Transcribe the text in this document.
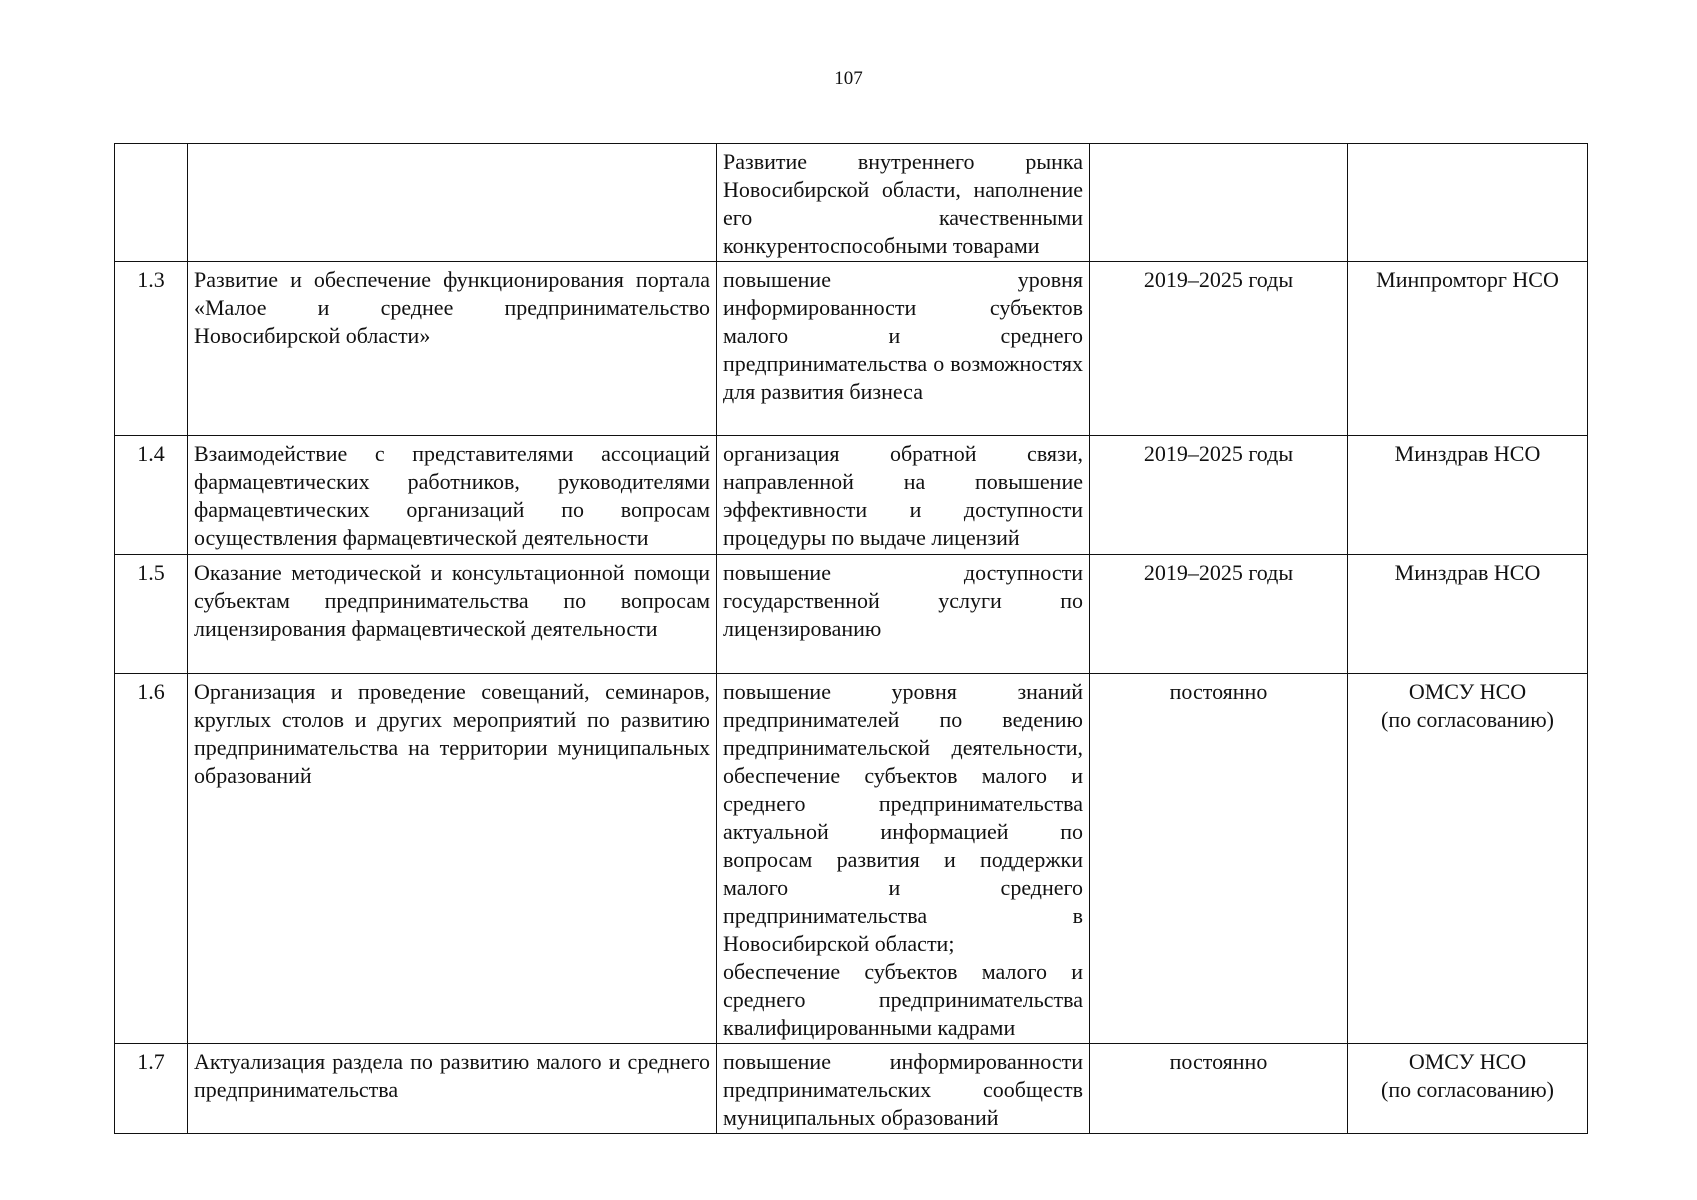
107
		Развитие внутреннего рынка Новосибирской области, наполнение его качественными конкурентоспособными товарами		
1.3	Развитие и обеспечение функционирования портала «Малое и среднее предпринимательство Новосибирской области»	повышение уровня информированности субъектов малого и среднего предпринимательства о возможностях для развития бизнеса	2019–2025 годы	Минпромторг НСО
1.4	Взаимодействие с представителями ассоциаций фармацевтических работников, руководителями фармацевтических организаций по вопросам осуществления фармацевтической деятельности	организация обратной связи, направленной на повышение эффективности и доступности процедуры по выдаче лицензий	2019–2025 годы	Минздрав НСО
1.5	Оказание методической и консультационной помощи субъектам предпринимательства по вопросам лицензирования фармацевтической деятельности	повышение доступности государственной услуги по лицензированию	2019–2025 годы	Минздрав НСО
1.6	Организация и проведение совещаний, семинаров, круглых столов и других мероприятий по развитию предпринимательства на территории муниципальных образований	повышение уровня знаний предпринимателей по ведению предпринимательской деятельности, обеспечение субъектов малого и среднего предпринимательства актуальной информацией по вопросам развития и поддержки малого и среднего предпринимательства в Новосибирской области;
обеспечение субъектов малого и среднего предпринимательства квалифицированными кадрами	постоянно	ОМСУ НСО
(по согласованию)
1.7	Актуализация раздела по развитию малого и среднего предпринимательства	повышение информированности предпринимательских сообществ муниципальных образований	постоянно	ОМСУ НСО
(по согласованию)
